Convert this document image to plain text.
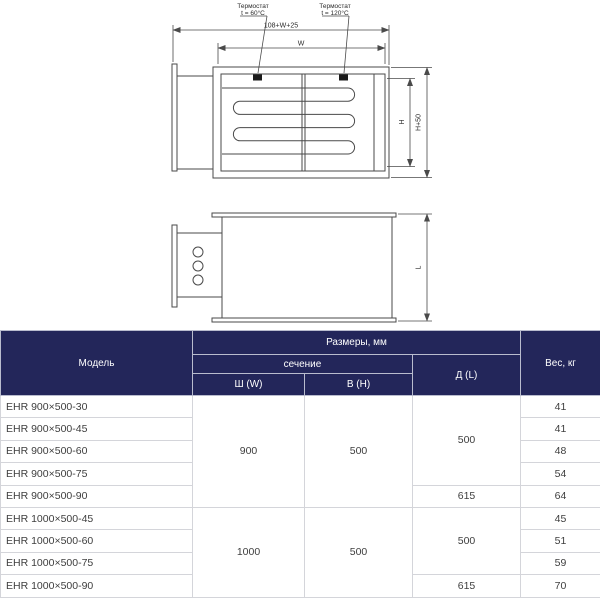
Термостат
t = 60°C
Термостат
t = 120°C
108+W+25
W
H H+50
L
Модель	Размеры, мм			Вес, кг
	сечение		Д (L)	
	Ш (W)	В (H)		
EHR 900×500-30	900	500	500	41
EHR 900×500-45				41
EHR 900×500-60				48
EHR 900×500-75				54
EHR 900×500-90			615	64
EHR 1000×500-45	1000	500	500	45
EHR 1000×500-60				51
EHR 1000×500-75				59
EHR 1000×500-90			615	70
